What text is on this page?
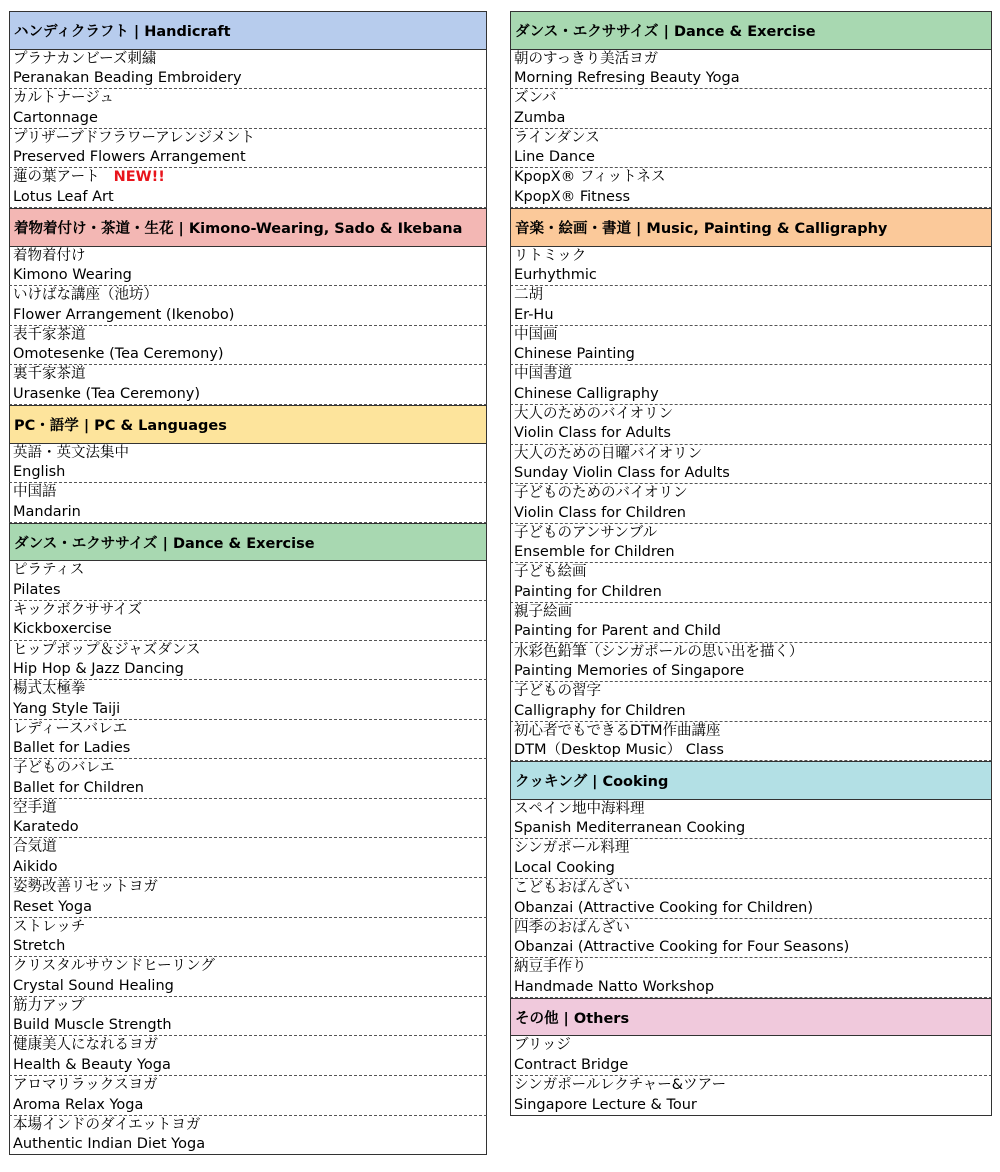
ハンディクラフト | Handicraft
プラナカンビーズ刺繍
Peranakan Beading Embroidery
カルトナージュ
Cartonnage
プリザーブドフラワーアレンジメント
Preserved Flowers Arrangement
蓮の葉アート NEW!!
Lotus Leaf Art
着物着付け・茶道・生花 | Kimono-Wearing, Sado & Ikebana
着物着付け
Kimono Wearing
いけばな講座（池坊）
Flower Arrangement (Ikenobo)
表千家茶道
Omotesenke (Tea Ceremony)
裏千家茶道
Urasenke (Tea Ceremony)
PC・語学 | PC & Languages
英語・英文法集中
English
中国語
Mandarin
ダンス・エクササイズ | Dance & Exercise
ピラティス
Pilates
キックボクササイズ
Kickboxercise
ヒップポップ＆ジャズダンス
Hip Hop & Jazz Dancing
楊式太極拳
Yang Style Taiji
レディースバレエ
Ballet for Ladies
子どものバレエ
Ballet for Children
空手道
Karatedo
合気道
Aikido
姿勢改善リセットヨガ
Reset Yoga
ストレッチ
Stretch
クリスタルサウンドヒーリング
Crystal Sound Healing
筋力アップ
Build Muscle Strength
健康美人になれるヨガ
Health & Beauty Yoga
アロマリラックスヨガ
Aroma Relax Yoga
本場インドのダイエットヨガ
Authentic Indian Diet Yoga
ダンス・エクササイズ | Dance & Exercise
朝のすっきり美活ヨガ
Morning Refresing Beauty Yoga
ズンバ
Zumba
ラインダンス
Line Dance
KpopX® フィットネス
KpopX® Fitness
音楽・絵画・書道 | Music, Painting & Calligraphy
リトミック
Eurhythmic
二胡
Er-Hu
中国画
Chinese Painting
中国書道
Chinese Calligraphy
大人のためのバイオリン
Violin Class for Adults
大人のための日曜バイオリン
Sunday Violin Class for Adults
子どものためのバイオリン
Violin Class for Children
子どものアンサンブル
Ensemble for Children
子ども絵画
Painting for Children
親子絵画
Painting for Parent and Child
水彩色鉛筆（シンガポールの思い出を描く）
Painting Memories of Singapore
子どもの習字
Calligraphy for Children
初心者でもできるDTM作曲講座
DTM（Desktop Music） Class
クッキング | Cooking
スペイン地中海料理
Spanish Mediterranean Cooking
シンガポール料理
Local Cooking
こどもおばんざい
Obanzai (Attractive Cooking for Children)
四季のおばんざい
Obanzai (Attractive Cooking for Four Seasons)
納豆手作り
Handmade Natto Workshop
その他 | Others
ブリッジ
Contract Bridge
シンガポールレクチャー&ツアー
Singapore Lecture & Tour
